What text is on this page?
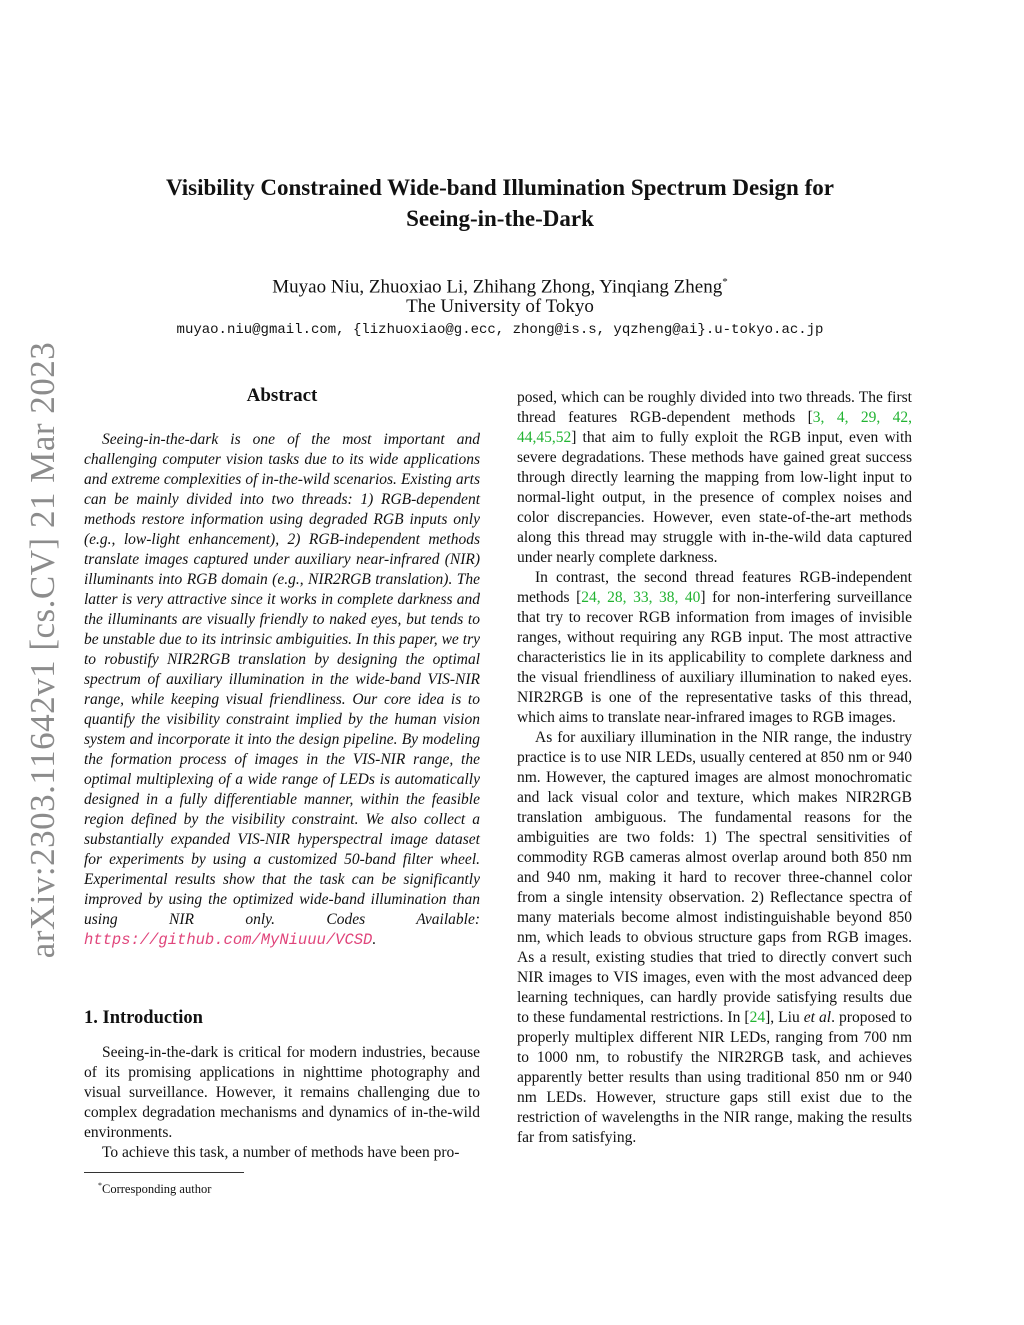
arXiv:2303.11642v1 [cs.CV] 21 Mar 2023
Visibility Constrained Wide-band Illumination Spectrum Design for Seeing-in-the-Dark
Muyao Niu, Zhuoxiao Li, Zhihang Zhong, Yinqiang Zheng*
The University of Tokyo
muyao.niu@gmail.com, {lizhuoxiao@g.ecc, zhong@is.s, yqzheng@ai}.u-tokyo.ac.jp
Abstract
Seeing-in-the-dark is one of the most important and challenging computer vision tasks due to its wide applications and extreme complexities of in-the-wild scenarios. Existing arts can be mainly divided into two threads: 1) RGB-dependent methods restore information using degraded RGB inputs only (e.g., low-light enhancement), 2) RGB-independent methods translate images captured under auxiliary near-infrared (NIR) illuminants into RGB domain (e.g., NIR2RGB translation). The latter is very attractive since it works in complete darkness and the illuminants are visually friendly to naked eyes, but tends to be unstable due to its intrinsic ambiguities. In this paper, we try to robustify NIR2RGB translation by designing the optimal spectrum of auxiliary illumination in the wide-band VIS-NIR range, while keeping visual friendliness. Our core idea is to quantify the visibility constraint implied by the human vision system and incorporate it into the design pipeline. By modeling the formation process of images in the VIS-NIR range, the optimal multiplexing of a wide range of LEDs is automatically designed in a fully differentiable manner, within the feasible region defined by the visibility constraint. We also collect a substantially expanded VIS-NIR hyperspectral image dataset for experiments by using a customized 50-band filter wheel. Experimental results show that the task can be significantly improved by using the optimized wide-band illumination than using NIR only. Codes Available: https://github.com/MyNiuuu/VCSD.
1. Introduction

Seeing-in-the-dark is critical for modern industries, because of its promising applications in nighttime photography and visual surveillance. However, it remains challenging due to complex degradation mechanisms and dynamics of in-the-wild environments.

To achieve this task, a number of methods have been pro-

*Corresponding author

posed, which can be roughly divided into two threads. The first thread features RGB-dependent methods [3, 4, 29, 42, 44,45,52] that aim to fully exploit the RGB input, even with severe degradations. These methods have gained great success through directly learning the mapping from low-light input to normal-light output, in the presence of complex noises and color discrepancies. However, even state-of-the-art methods along this thread may struggle with in-the-wild data captured under nearly complete darkness.

In contrast, the second thread features RGB-independent methods [24, 28, 33, 38, 40] for non-interfering surveillance that try to recover RGB information from images of invisible ranges, without requiring any RGB input. The most attractive characteristics lie in its applicability to complete darkness and the visual friendliness of auxiliary illumination to naked eyes. NIR2RGB is one of the representative tasks of this thread, which aims to translate near-infrared images to RGB images.

As for auxiliary illumination in the NIR range, the industry practice is to use NIR LEDs, usually centered at 850 nm or 940 nm. However, the captured images are almost monochromatic and lack visual color and texture, which makes NIR2RGB translation ambiguous. The fundamental reasons for the ambiguities are two folds: 1) The spectral sensitivities of commodity RGB cameras almost overlap around both 850 nm and 940 nm, making it hard to recover three-channel color from a single intensity observation. 2) Reflectance spectra of many materials become almost indistinguishable beyond 850 nm, which leads to obvious structure gaps from RGB images. As a result, existing studies that tried to directly convert such NIR images to VIS images, even with the most advanced deep learning techniques, can hardly provide satisfying results due to these fundamental restrictions. In [24], Liu et al. proposed to properly multiplex different NIR LEDs, ranging from 700 nm to 1000 nm, to robustify the NIR2RGB task, and achieves apparently better results than using traditional 850 nm or 940 nm LEDs. However, structure gaps still exist due to the restriction of wavelengths in the NIR range, making the results far from satisfying.
